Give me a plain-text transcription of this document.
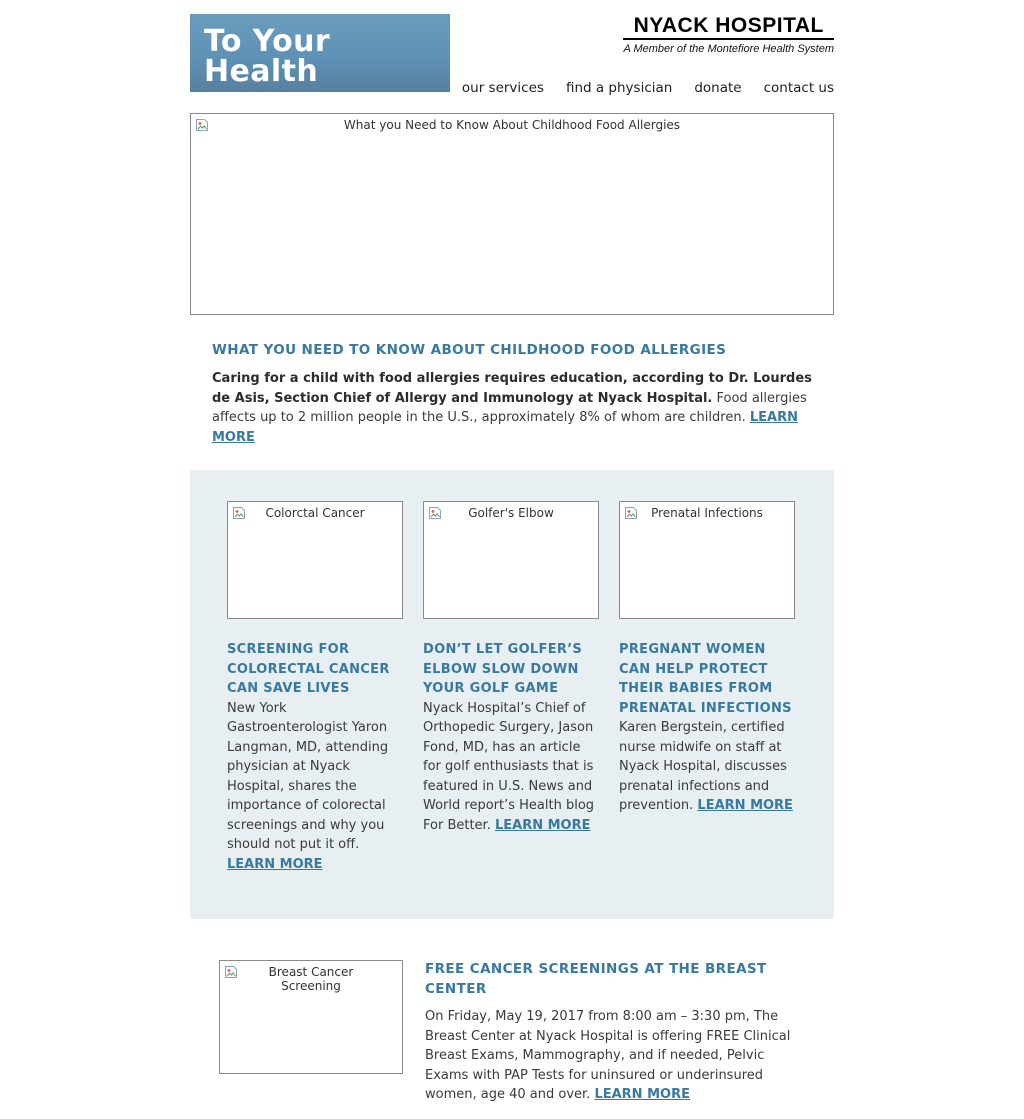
To Your Health
NYACK HOSPITAL
A Member of the Montefiore Health System
our services find a physician donate contact us
What you Need to Know About Childhood Food Allergies
WHAT YOU NEED TO KNOW ABOUT CHILDHOOD FOOD ALLERGIES

Caring for a child with food allergies requires education, according to Dr. Lourdes de Asis, Section Chief of Allergy and Immunology at Nyack Hospital. Food allergies affects up to 2 million people in the U.S., approximately 8% of whom are children. LEARN MORE

Colorctal Cancer
SCREENING FOR COLORECTAL CANCER CAN SAVE LIVES

New York Gastroenterologist Yaron Langman, MD, attending physician at Nyack Hospital, shares the importance of colorectal screenings and why you should not put it off. LEARN MORE

Golfer's Elbow
DON’T LET GOLFER’S ELBOW SLOW DOWN YOUR GOLF GAME

Nyack Hospital’s Chief of Orthopedic Surgery, Jason Fond, MD, has an article for golf enthusiasts that is featured in U.S. News and World report’s Health blog For Better. LEARN MORE

Prenatal Infections
PREGNANT WOMEN CAN HELP PROTECT THEIR BABIES FROM PRENATAL INFECTIONS

Karen Bergstein, certified nurse midwife on staff at Nyack Hospital, discusses prenatal infections and prevention. LEARN MORE

Breast Cancer Screening
FREE CANCER SCREENINGS AT THE BREAST CENTER

On Friday, May 19, 2017 from 8:00 am – 3:30 pm, The Breast Center at Nyack Hospital is offering FREE Clinical Breast Exams, Mammography, and if needed, Pelvic Exams with PAP Tests for uninsured or underinsured women, age 40 and over. LEARN MORE
